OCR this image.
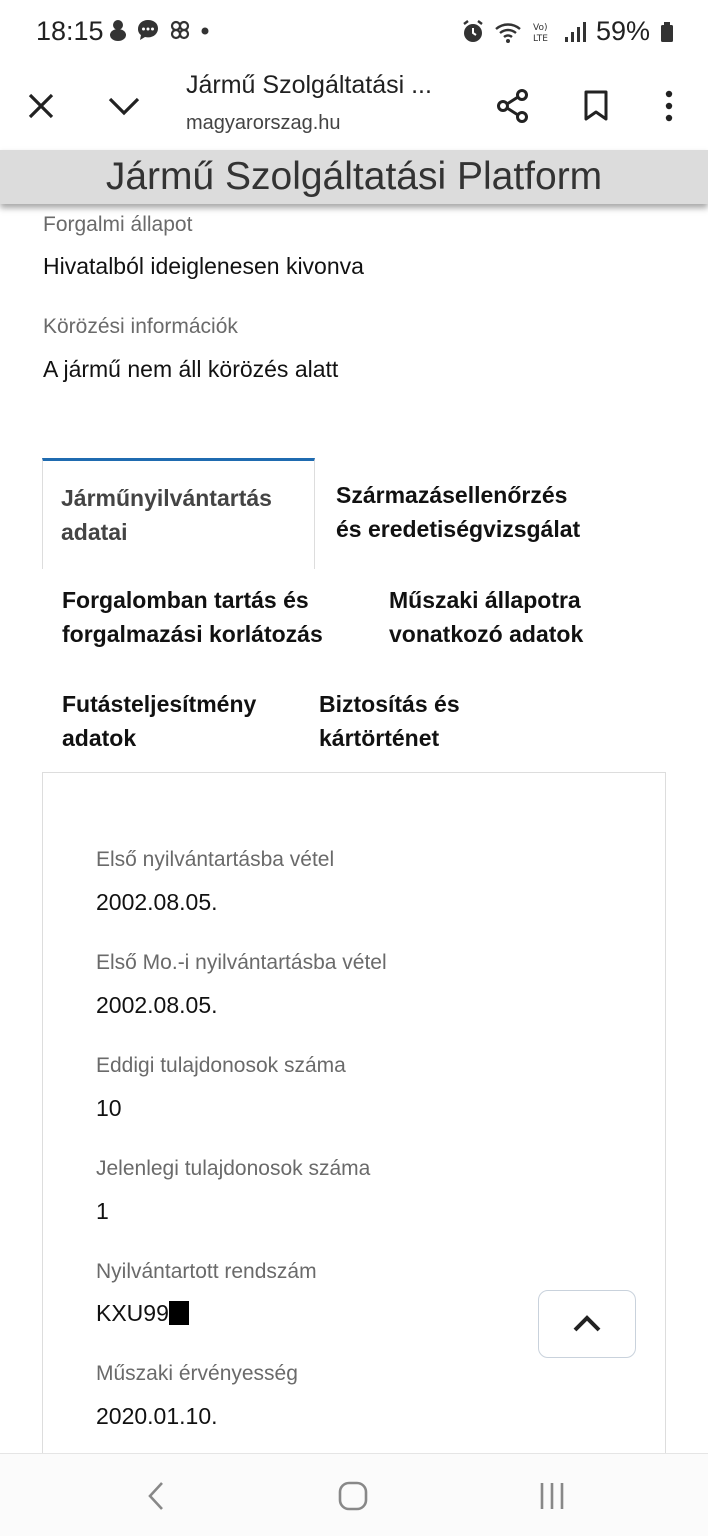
18:15	Vo)
LTE 59%
Jármű Szolgáltatási ...
magyarorszag.hu
Jármű Szolgáltatási Platform
Forgalmi állapot
Hivatalból ideiglenesen kivonva
Körözési információk
A jármű nem áll körözés alatt
Járműnyilvántartás
adatai
Származásellenőrzés
és eredetiségvizsgálat
Forgalomban tartás és
forgalmazási korlátozás
Műszaki állapotra
vonatkozó adatok
Futásteljesítmény
adatok
Biztosítás és
kártörténet
Első nyilvántartásba vétel
2002.08.05.
Első Mo.-i nyilvántartásba vétel
2002.08.05.
Eddigi tulajdonosok száma
10
Jelenlegi tulajdonosok száma
1
Nyilvántartott rendszám
KXU99
Műszaki érvényesség
2020.01.10.
